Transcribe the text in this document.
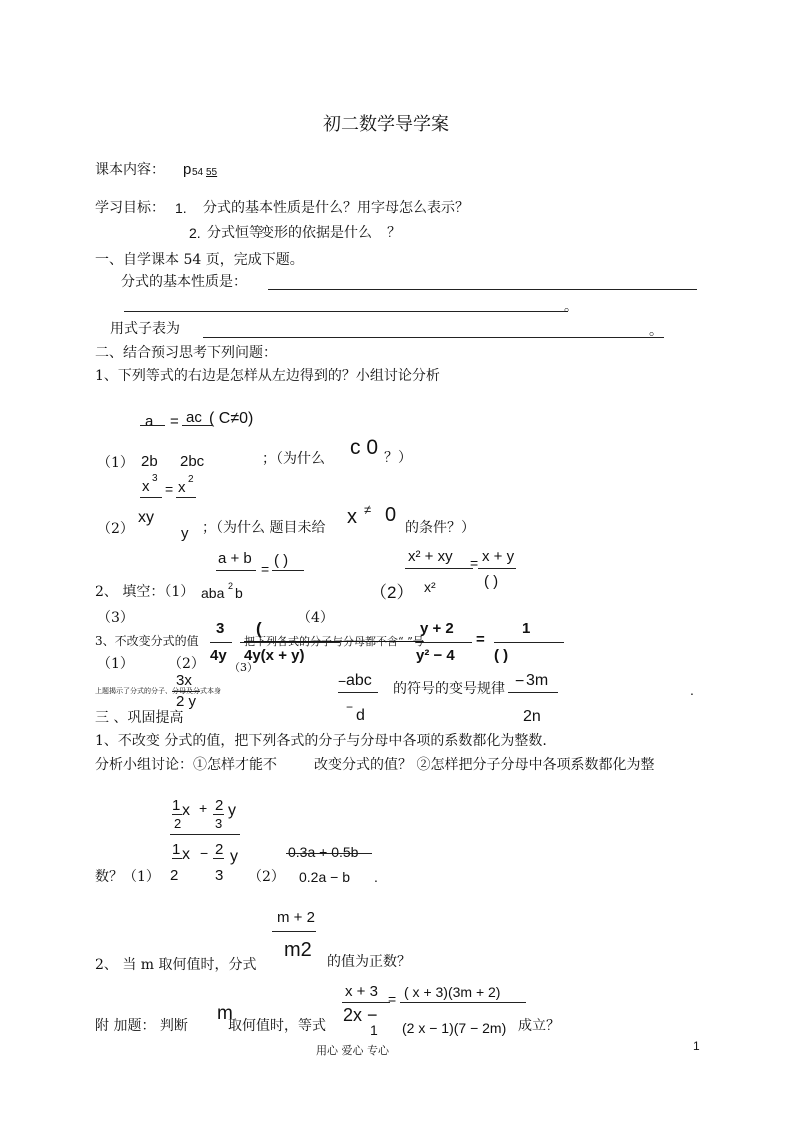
初二数学导学案
课本内容： p 54 55
学习目标： 1. 分式的基本性质是什么？用字母怎么表示？
2. 分式恒等
变形的依据是什么 ？
一、自学课本 54 页，完成下题。
分式的基本性质是：
。
用式子表为	。
二、结合预习思考下列问题：
1、下列等式的右边是怎样从左边得到的？小组讨论分析
a = ac ( C≠0)
（1） 2b 2bc	；（为什么 c 0 ？）
x 3
= x 2
xy
（2）	y ；（为什么 题目未给 x ≠ 0
的条件？）
a + b
= ( )
2、 填空：（1） aba 2 b
x² + xy = x + y
( )
（2） x²
（3）	（4）
3、不改变分式的值
3
4y
把下列各式的分子与分母都不含“ ”号
(
4y(x + y)
y + 2
=
y² − 4
1
( )
（1） （2） （3）
3x
2 y
上题揭示了分式的分子、分母及分式本身
abc
−
− d
的符号的变号规律 − 3m
2n
.
三 、巩固提高
1、不改变 分式的值，把下列各式的分子与分母中各项的系数都化为整数.
分析小组讨论：①怎样才能不	改变分式的值？ ②怎样把分子分母中各项系数都化为整
1 x + 2 y
2	3
1 x − 2 y
数？（1） 2 3 （2）
0.3a + 0.5b
0.2a − b .
m + 2
m2
2、 当 m 取何值时，分式	的值为正数？
x + 3 =
2x −
( x + 3)(3m + 2)
附 加题： 判断
m
取何值时，等式	1 (2 x − 1)(7 − 2m) 成立？
用心 爱心 专心	1
